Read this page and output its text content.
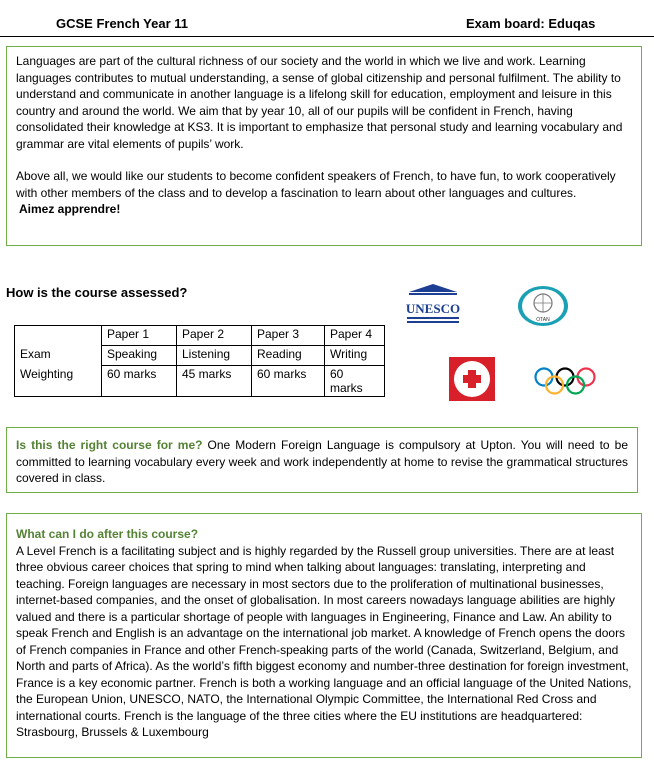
GCSE French Year 11	Exam board: Eduqas

Languages are part of the cultural richness of our society and the world in which we live and work. Learning languages contributes to mutual understanding, a sense of global citizenship and personal fulfilment. The ability to understand and communicate in another language is a lifelong skill for education, employment and leisure in this country and around the world. We aim that by year 10, all of our pupils will be confident in French, having consolidated their knowledge at KS3. It is important to emphasize that personal study and learning vocabulary and grammar are vital elements of pupils’ work.

Above all, we would like our students to become confident speakers of French, to have fun, to work cooperatively with other members of the class and to develop a fascination to learn about other languages and cultures.

Aimez apprendre!

How is the course assessed?
	Paper 1	Paper 2	Paper 3	Paper 4
Exam	Speaking	Listening	Reading	Writing
Weighting	60 marks	45 marks	60 marks	60 marks
UNESCO
OTAN
Is this the right course for me? One Modern Foreign Language is compulsory at Upton. You will need to be committed to learning vocabulary every week and work independently at home to revise the grammatical structures covered in class.

What can I do after this course?

A Level French is a facilitating subject and is highly regarded by the Russell group universities. There are at least three obvious career choices that spring to mind when talking about languages: translating, interpreting and teaching. Foreign languages are necessary in most sectors due to the proliferation of multinational businesses, internet-based companies, and the onset of globalisation. In most careers nowadays language abilities are highly valued and there is a particular shortage of people with languages in Engineering, Finance and Law. An ability to speak French and English is an advantage on the international job market. A knowledge of French opens the doors of French companies in France and other French-speaking parts of the world (Canada, Switzerland, Belgium, and North and parts of Africa). As the world’s fifth biggest economy and number-three destination for foreign investment, France is a key economic partner. French is both a working language and an official language of the United Nations, the European Union, UNESCO, NATO, the International Olympic Committee, the International Red Cross and international courts. French is the language of the three cities where the EU institutions are headquartered: Strasbourg, Brussels & Luxembourg
